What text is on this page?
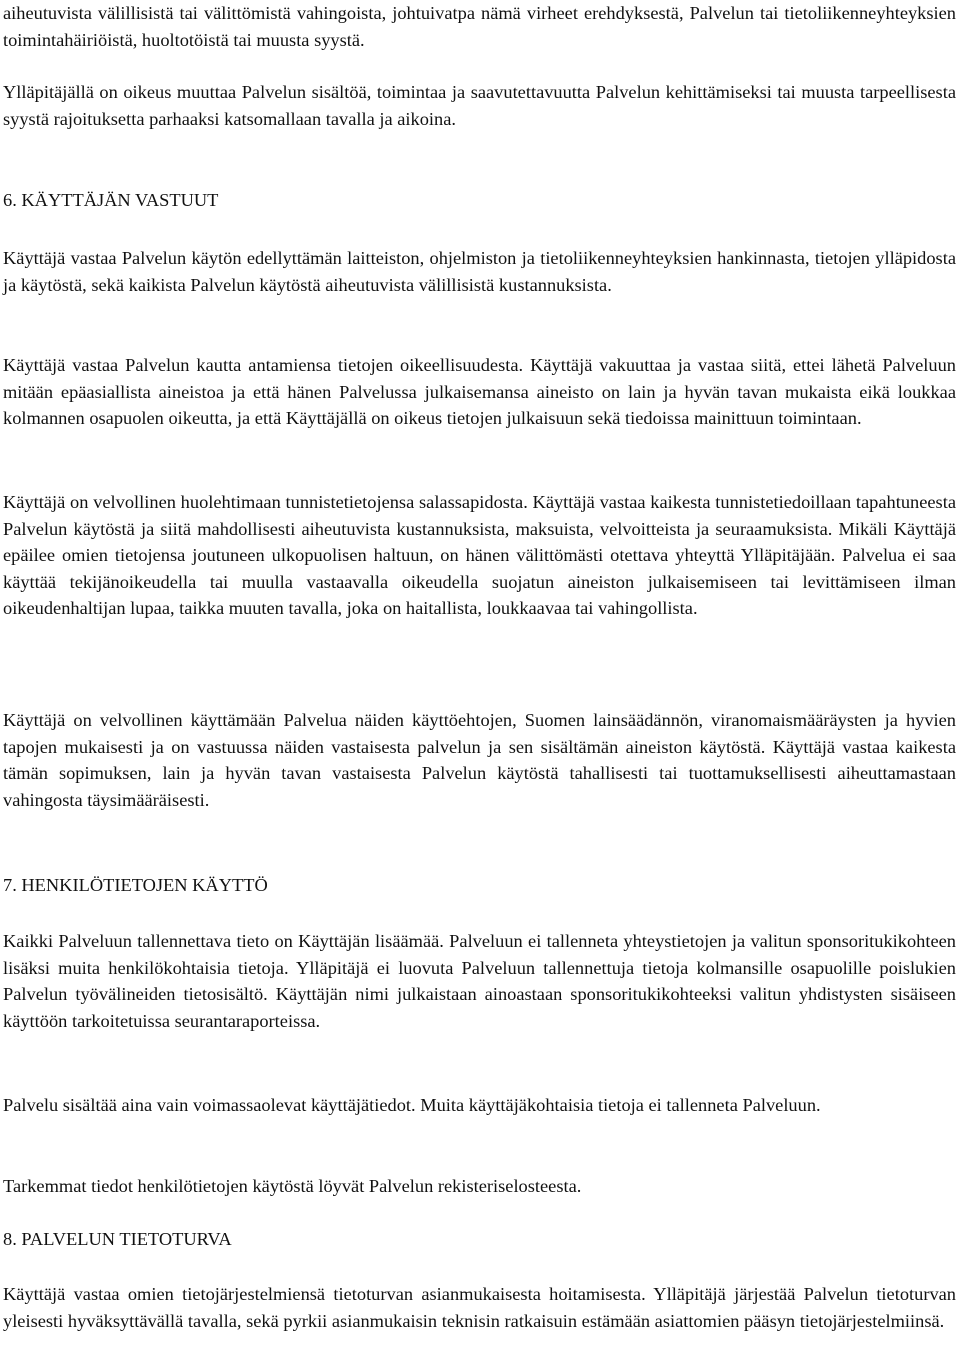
aiheutuvista välillisistä tai välittömistä vahingoista, johtuivatpa nämä virheet erehdyksestä, Palvelun tai tietoliikenneyhteyksien toimintahäiriöistä, huoltotöistä tai muusta syystä.

Ylläpitäjällä on oikeus muuttaa Palvelun sisältöä, toimintaa ja saavutettavuutta Palvelun kehittämiseksi tai muusta tarpeellisesta syystä rajoituksetta parhaaksi katsomallaan tavalla ja aikoina.

6. KÄYTTÄJÄN VASTUUT

Käyttäjä vastaa Palvelun käytön edellyttämän laitteiston, ohjelmiston ja tietoliikenneyhteyksien hankinnasta, tietojen ylläpidosta ja käytöstä, sekä kaikista Palvelun käytöstä aiheutuvista välillisistä kustannuksista.

Käyttäjä vastaa Palvelun kautta antamiensa tietojen oikeellisuudesta. Käyttäjä vakuuttaa ja vastaa siitä, ettei lähetä Palveluun mitään epäasiallista aineistoa ja että hänen Palvelussa julkaisemansa aineisto on lain ja hyvän tavan mukaista eikä loukkaa kolmannen osapuolen oikeutta, ja että Käyttäjällä on oikeus tietojen julkaisuun sekä tiedoissa mainittuun toimintaan.

Käyttäjä on velvollinen huolehtimaan tunnistetietojensa salassapidosta. Käyttäjä vastaa kaikesta tunnistetiedoillaan tapahtuneesta Palvelun käytöstä ja siitä mahdollisesti aiheutuvista kustannuksista, maksuista, velvoitteista ja seuraamuksista. Mikäli Käyttäjä epäilee omien tietojensa joutuneen ulkopuolisen haltuun, on hänen välittömästi otettava yhteyttä Ylläpitäjään. Palvelua ei saa käyttää tekijänoikeudella tai muulla vastaavalla oikeudella suojatun aineiston julkaisemiseen tai levittämiseen ilman oikeudenhaltijan lupaa, taikka muuten tavalla, joka on haitallista, loukkaavaa tai vahingollista.

Käyttäjä on velvollinen käyttämään Palvelua näiden käyttöehtojen, Suomen lainsäädännön, viranomaismääräysten ja hyvien tapojen mukaisesti ja on vastuussa näiden vastaisesta palvelun ja sen sisältämän aineiston käytöstä. Käyttäjä vastaa kaikesta tämän sopimuksen, lain ja hyvän tavan vastaisesta Palvelun käytöstä tahallisesti tai tuottamuksellisesti aiheuttamastaan vahingosta täysimääräisesti.

7. HENKILÖTIETOJEN KÄYTTÖ

Kaikki Palveluun tallennettava tieto on Käyttäjän lisäämää. Palveluun ei tallenneta yhteystietojen ja valitun sponsoritukikohteen lisäksi muita henkilökohtaisia tietoja. Ylläpitäjä ei luovuta Palveluun tallennettuja tietoja kolmansille osapuolille poislukien Palvelun työvälineiden tietosisältö. Käyttäjän nimi julkaistaan ainoastaan sponsoritukikohteeksi valitun yhdistysten sisäiseen käyttöön tarkoitetuissa seurantaraporteissa.

Palvelu sisältää aina vain voimassaolevat käyttäjätiedot. Muita käyttäjäkohtaisia tietoja ei tallenneta Palveluun.

Tarkemmat tiedot henkilötietojen käytöstä löyvät Palvelun rekisteriselosteesta.

8. PALVELUN TIETOTURVA

Käyttäjä vastaa omien tietojärjestelmiensä tietoturvan asianmukaisesta hoitamisesta. Ylläpitäjä järjestää Palvelun tietoturvan yleisesti hyväksyttävällä tavalla, sekä pyrkii asianmukaisin teknisin ratkaisuin estämään asiattomien pääsyn tietojärjestelmiinsä.
